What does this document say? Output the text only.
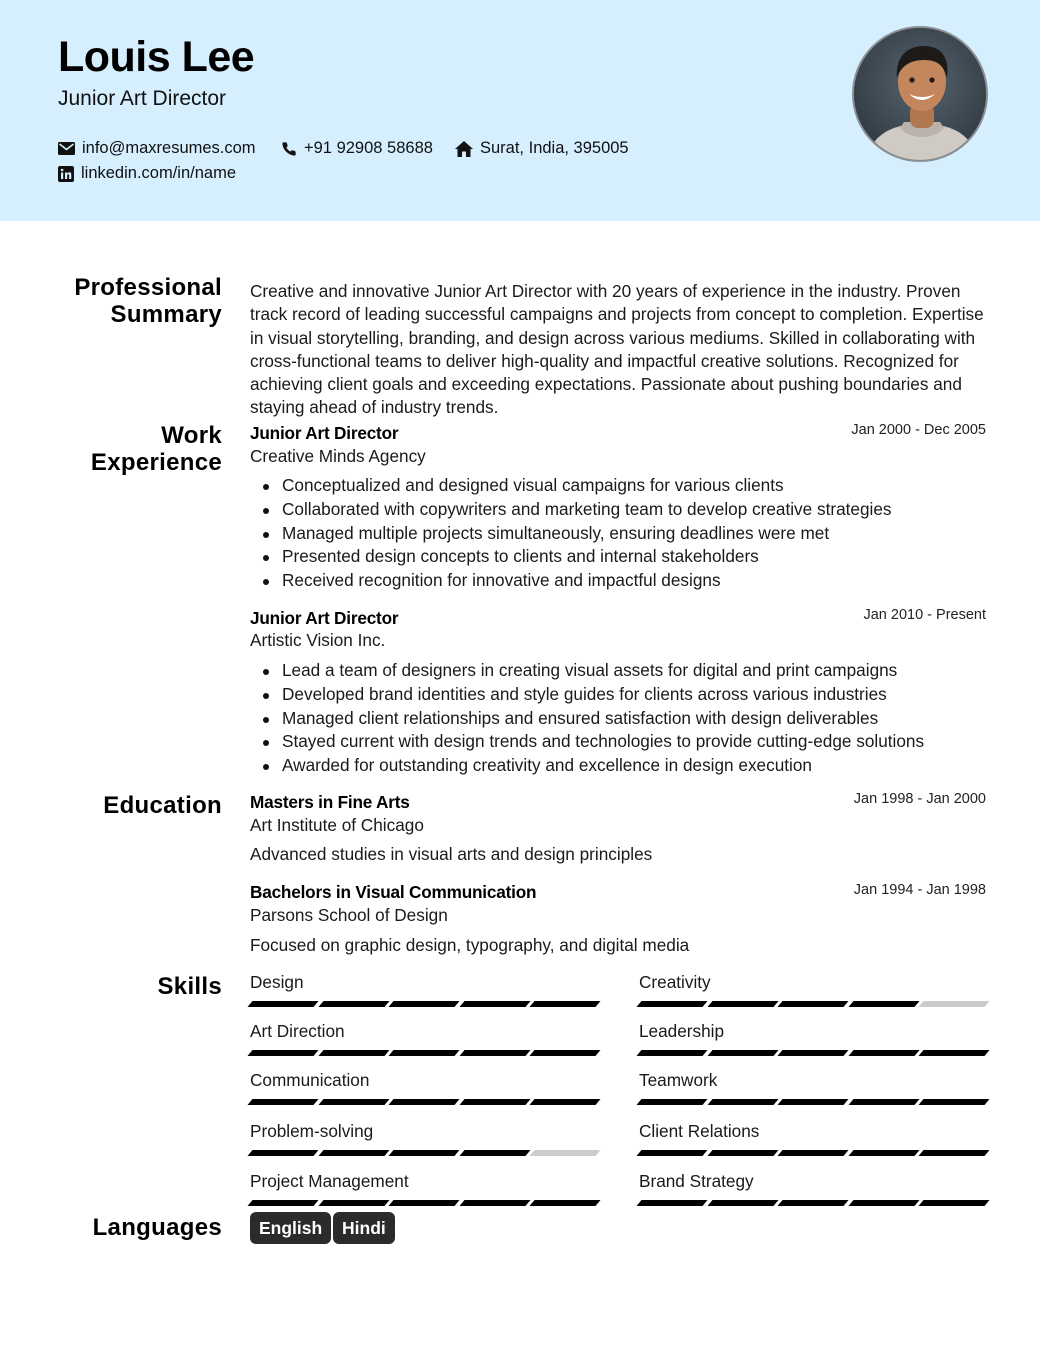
Louis Lee
Junior Art Director
info@maxresumes.com	+91 92908 58688	Surat, India, 395005
linkedin.com/in/name
Professional Summary
Creative and innovative Junior Art Director with 20 years of experience in the industry. Proven track record of leading successful campaigns and projects from concept to completion. Expertise in visual storytelling, branding, and design across various mediums. Skilled in collaborating with cross-functional teams to deliver high-quality and impactful creative solutions. Recognized for achieving client goals and exceeding expectations. Passionate about pushing boundaries and staying ahead of industry trends.
Work Experience
Junior Art Director	Jan 2000 - Dec 2005
Creative Minds Agency
Conceptualized and designed visual campaigns for various clients
Collaborated with copywriters and marketing team to develop creative strategies
Managed multiple projects simultaneously, ensuring deadlines were met
Presented design concepts to clients and internal stakeholders
Received recognition for innovative and impactful designs
Junior Art Director	Jan 2010 - Present
Artistic Vision Inc.
Lead a team of designers in creating visual assets for digital and print campaigns
Developed brand identities and style guides for clients across various industries
Managed client relationships and ensured satisfaction with design deliverables
Stayed current with design trends and technologies to provide cutting-edge solutions
Awarded for outstanding creativity and excellence in design execution
Education Masters in Fine Arts	Jan 1998 - Jan 2000
Art Institute of Chicago
Advanced studies in visual arts and design principles
Bachelors in Visual Communication	Jan 1994 - Jan 1998
Parsons School of Design
Focused on graphic design, typography, and digital media
Skills Design	Creativity
Art Direction	Leadership
Communication	Teamwork
Problem-solving	Client Relations
Project Management	Brand Strategy
Languages	English	Hindi
